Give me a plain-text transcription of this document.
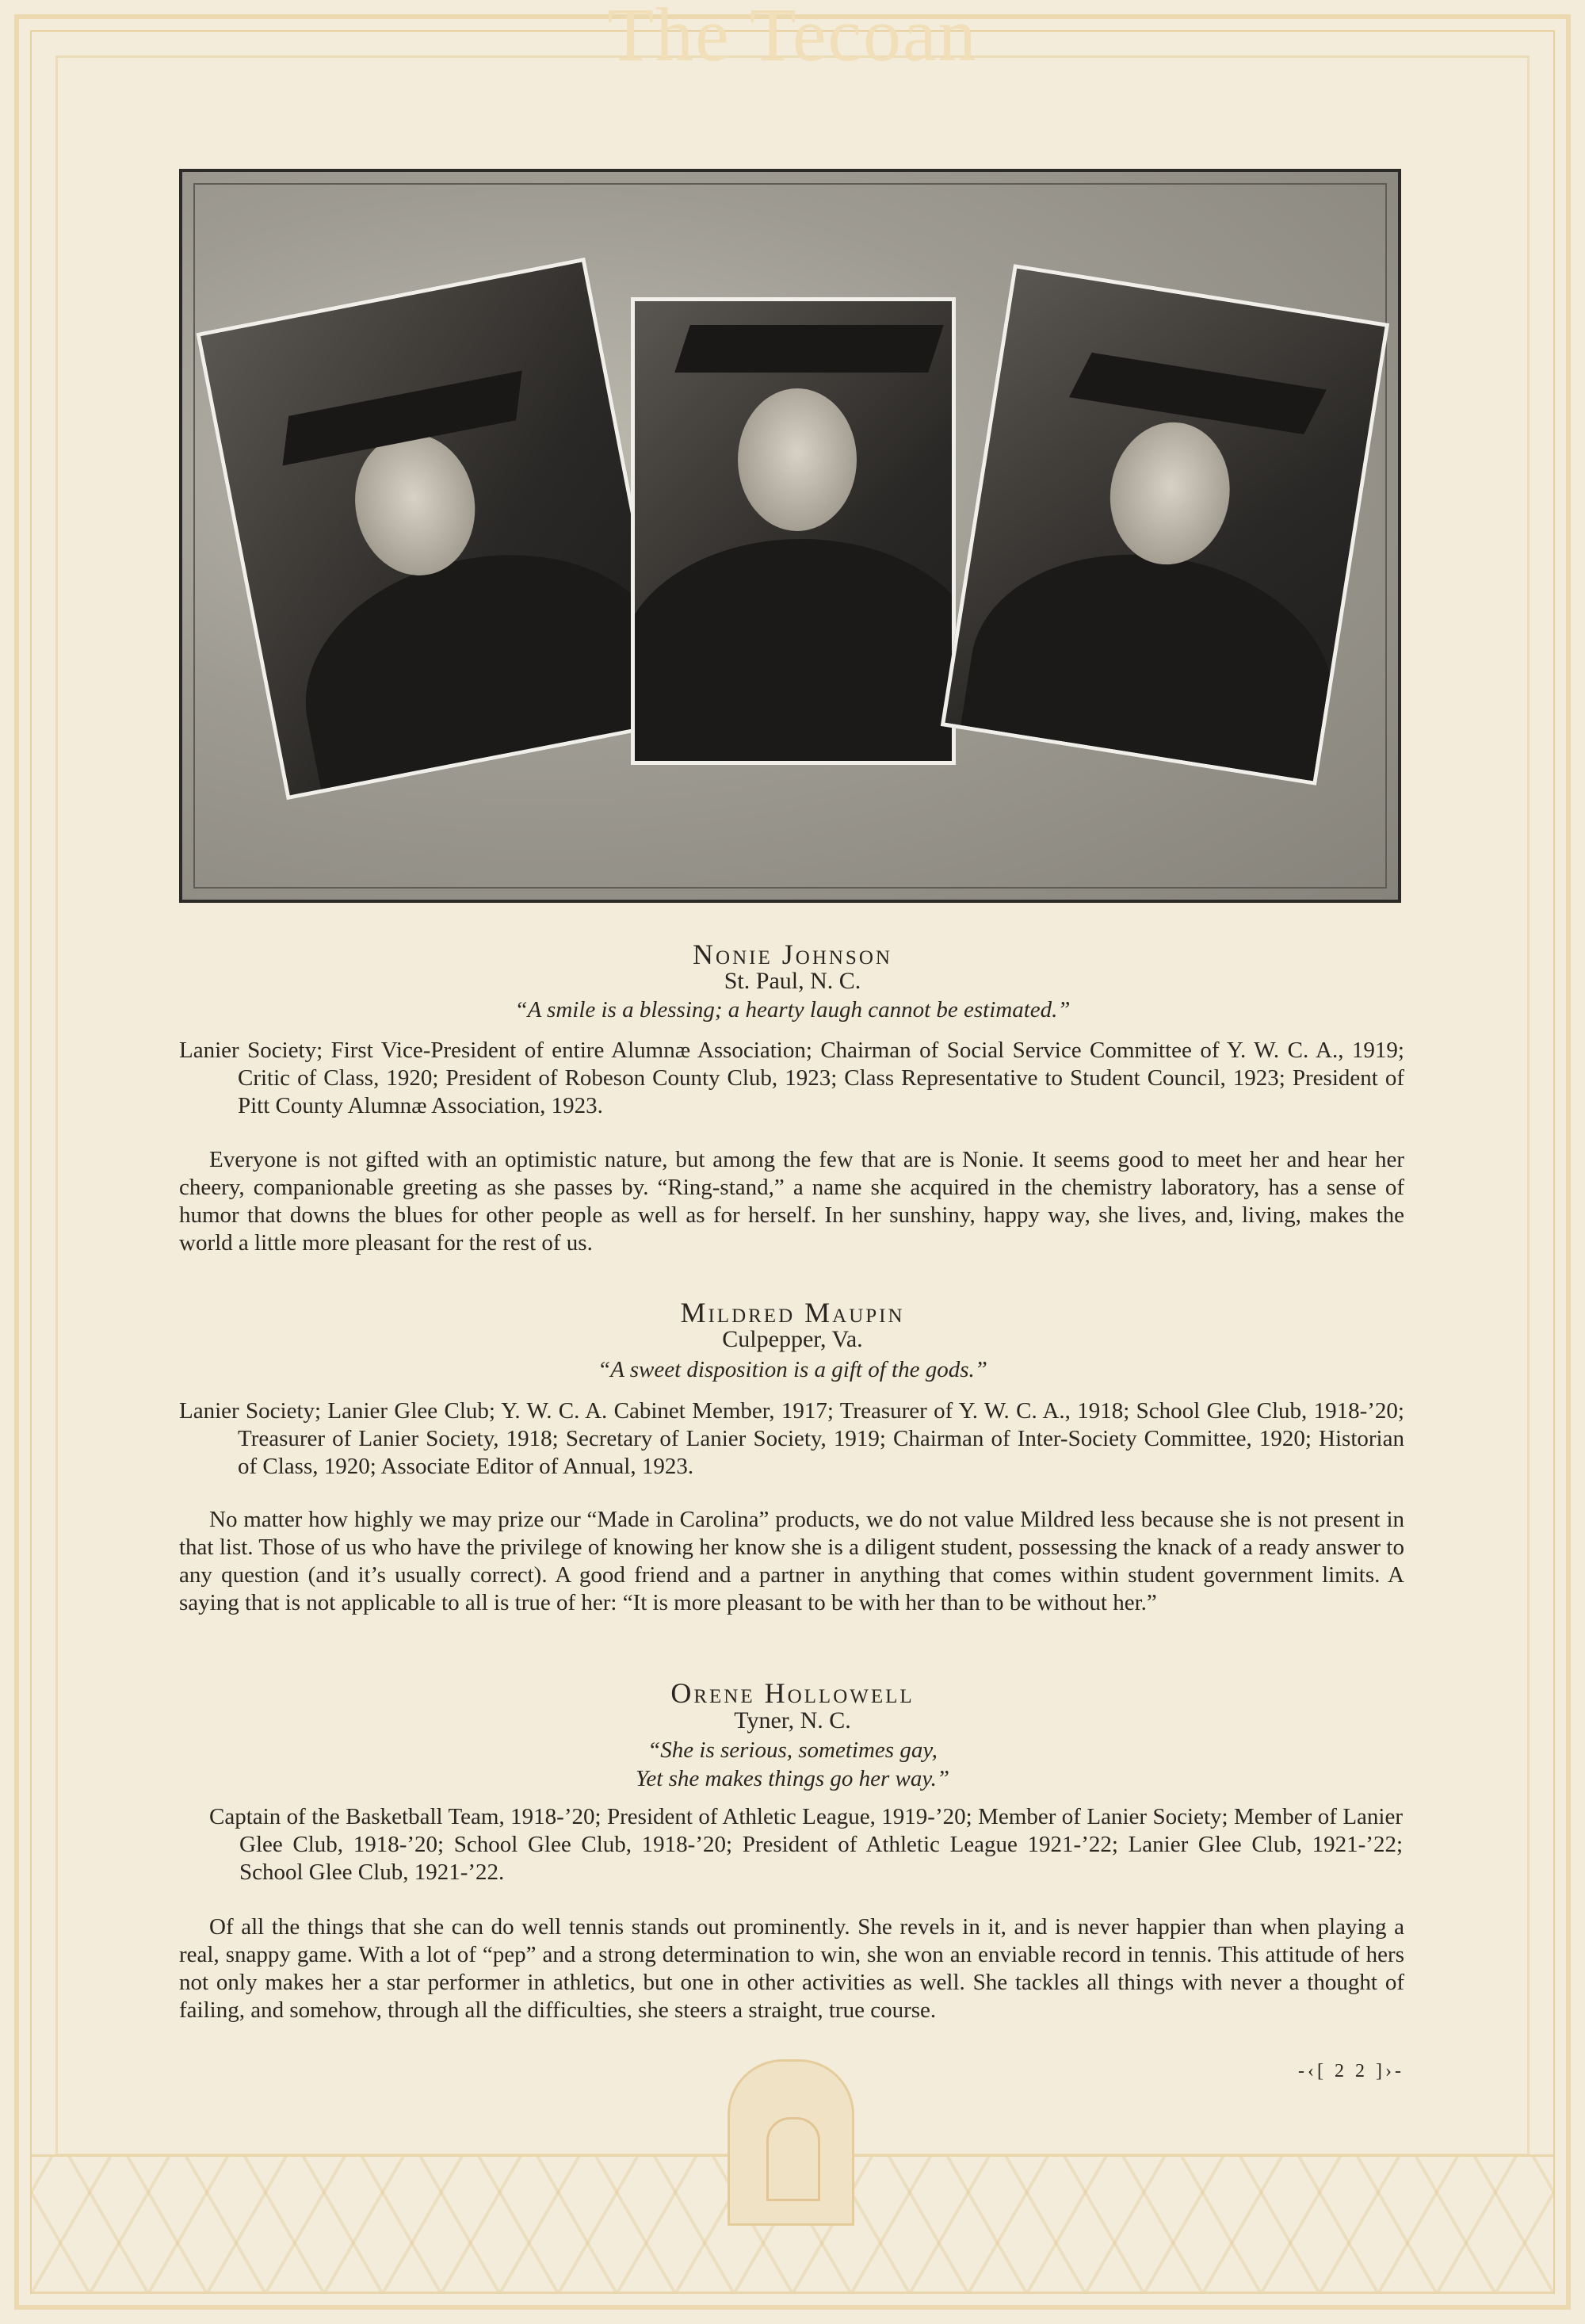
The Tecoan
Nonie Johnson
St. Paul, N. C.
“A smile is a blessing; a hearty laugh cannot be estimated.”

Lanier Society; First Vice-President of entire Alumnæ Association; Chairman of Social Service Committee of Y. W. C. A., 1919; Critic of Class, 1920; President of Robeson County Club, 1923; Class Representative to Student Council, 1923; President of Pitt County Alumnæ Association, 1923.

Everyone is not gifted with an optimistic nature, but among the few that are is Nonie. It seems good to meet her and hear her cheery, companionable greeting as she passes by. “Ring-stand,” a name she acquired in the chemistry laboratory, has a sense of humor that downs the blues for other people as well as for herself. In her sunshiny, happy way, she lives, and, living, makes the world a little more pleasant for the rest of us.

Mildred Maupin
Culpepper, Va.
“A sweet disposition is a gift of the gods.”

Lanier Society; Lanier Glee Club; Y. W. C. A. Cabinet Member, 1917; Treasurer of Y. W. C. A., 1918; School Glee Club, 1918-’20; Treasurer of Lanier Society, 1918; Secretary of Lanier Society, 1919; Chairman of Inter-Society Committee, 1920; Historian of Class, 1920; Associate Editor of Annual, 1923.

No matter how highly we may prize our “Made in Carolina” products, we do not value Mildred less because she is not present in that list. Those of us who have the privilege of knowing her know she is a diligent student, possessing the knack of a ready answer to any question (and it’s usually correct). A good friend and a partner in anything that comes within student government limits. A saying that is not applicable to all is true of her: “It is more pleasant to be with her than to be without her.”

Orene Hollowell
Tyner, N. C.
“She is serious, sometimes gay,
Yet she makes things go her way.”

Captain of the Basketball Team, 1918-’20; President of Athletic League, 1919-’20; Member of Lanier Society; Member of Lanier Glee Club, 1918-’20; School Glee Club, 1918-’20; President of Athletic League 1921-’22; Lanier Glee Club, 1921-’22; School Glee Club, 1921-’22.

Of all the things that she can do well tennis stands out prominently. She revels in it, and is never happier than when playing a real, snappy game. With a lot of “pep” and a strong determination to win, she won an enviable record in tennis. This attitude of hers not only makes her a star performer in athletics, but one in other activities as well. She tackles all things with never a thought of failing, and somehow, through all the difficulties, she steers a straight, true course.

-‹[ 2 2 ]›-
